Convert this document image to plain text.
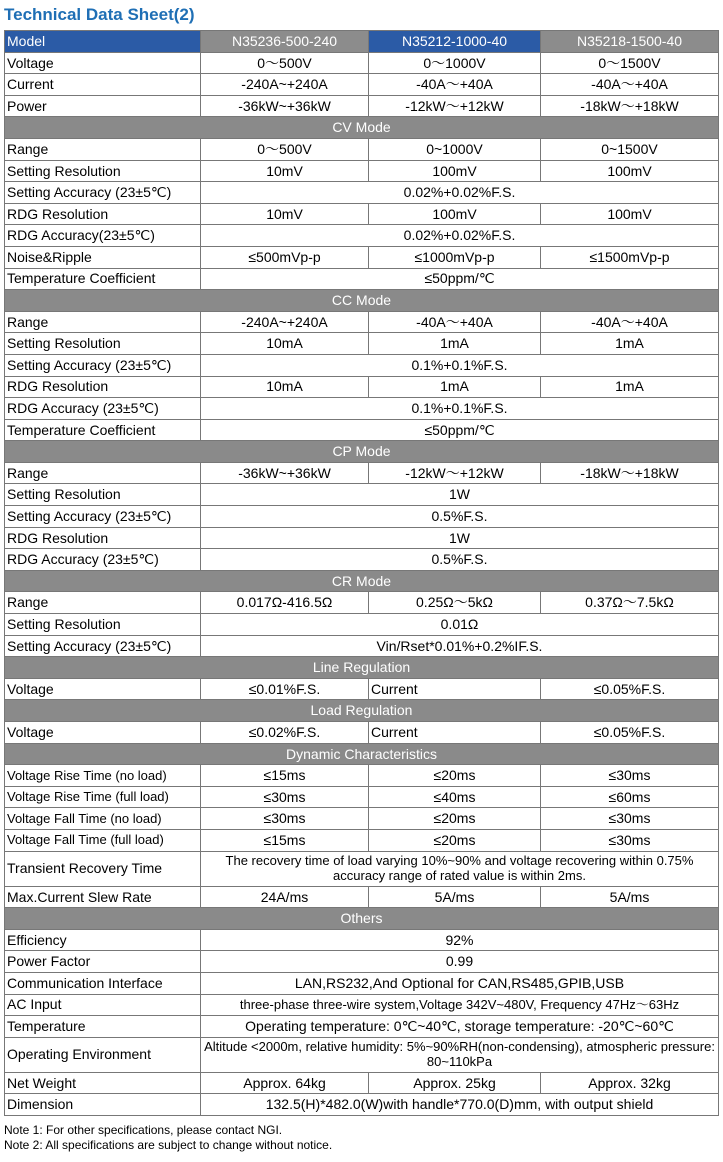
Technical Data Sheet(2)
Model	N35236-500-240	N35212-1000-40	N35218-1500-40
Voltage	0～500V	0～1000V	0～1500V
Current	-240A~+240A	-40A～+40A	-40A～+40A
Power	-36kW~+36kW	-12kW～+12kW	-18kW～+18kW
CV Mode			
Range	0～500V	0~1000V	0~1500V
Setting Resolution	10mV	100mV	100mV
Setting Accuracy (23±5℃)	0.02%+0.02%F.S.		
RDG Resolution	10mV	100mV	100mV
RDG Accuracy(23±5℃)	0.02%+0.02%F.S.		
Noise&Ripple	≤500mVp-p	≤1000mVp-p	≤1500mVp-p
Temperature Coefficient	≤50ppm/℃		
CC Mode			
Range	-240A~+240A	-40A～+40A	-40A～+40A
Setting Resolution	10mA	1mA	1mA
Setting Accuracy (23±5℃)	0.1%+0.1%F.S.		
RDG Resolution	10mA	1mA	1mA
RDG Accuracy (23±5℃)	0.1%+0.1%F.S.		
Temperature Coefficient	≤50ppm/℃		
CP Mode			
Range	-36kW~+36kW	-12kW～+12kW	-18kW～+18kW
Setting Resolution	1W		
Setting Accuracy (23±5℃)	0.5%F.S.		
RDG Resolution	1W		
RDG Accuracy (23±5℃)	0.5%F.S.		
CR Mode			
Range	0.017Ω-416.5Ω	0.25Ω～5kΩ	0.37Ω～7.5kΩ
Setting Resolution	0.01Ω		
Setting Accuracy (23±5℃)	Vin/Rset*0.01%+0.2%IF.S.		
Line Regulation			
Voltage	≤0.01%F.S.	Current	≤0.05%F.S.
Load Regulation			
Voltage	≤0.02%F.S.	Current	≤0.05%F.S.
Dynamic Characteristics			
Voltage Rise Time (no load)	≤15ms	≤20ms	≤30ms
Voltage Rise Time (full load)	≤30ms	≤40ms	≤60ms
Voltage Fall Time (no load)	≤30ms	≤20ms	≤30ms
Voltage Fall Time (full load)	≤15ms	≤20ms	≤30ms
Transient Recovery Time	The recovery time of load varying 10%~90% and voltage recovering within 0.75% accuracy range of rated value is within 2ms.		
Max.Current Slew Rate	24A/ms	5A/ms	5A/ms
Others			
Efficiency	92%		
Power Factor	0.99		
Communication Interface	LAN,RS232,And Optional for CAN,RS485,GPIB,USB		
AC Input	three-phase three-wire system,Voltage 342V~480V, Frequency 47Hz～63Hz		
Temperature	Operating temperature: 0℃~40℃, storage temperature: -20℃~60℃		
Operating Environment	Altitude <2000m, relative humidity: 5%~90%RH(non-condensing), atmospheric pressure: 80~110kPa		
Net Weight	Approx. 64kg	Approx. 25kg	Approx. 32kg
Dimension	132.5(H)*482.0(W)with handle*770.0(D)mm, with output shield		
Note 1: For other specifications, please contact NGI.
Note 2: All specifications are subject to change without notice.
